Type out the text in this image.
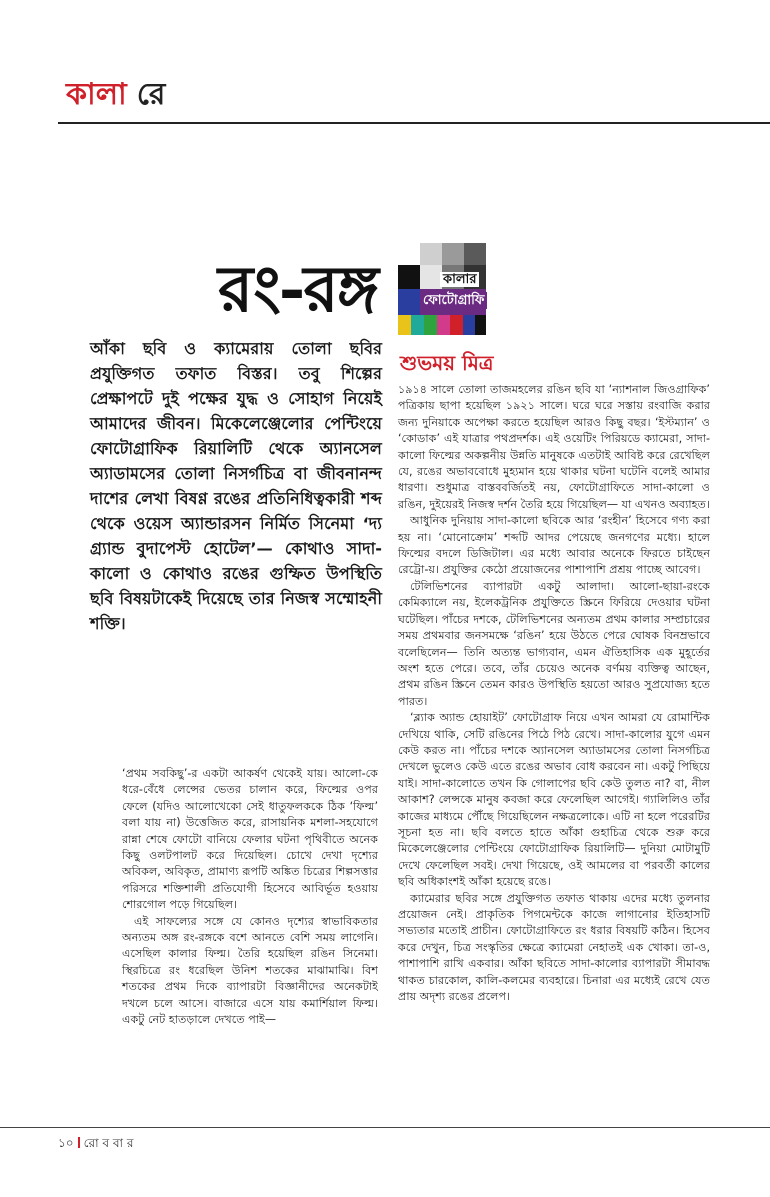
কালা রে
রং-রঙ্গ	কালার
ফোটোগ্রাফি
শুভময় মিত্র

আঁকা ছবি ও ক্যামেরায় তোলা ছবির প্রযুক্তিগত তফাত বিস্তর। তবু শিল্পের প্রেক্ষাপটে দুই পক্ষের যুদ্ধ ও সোহাগ নিয়েই আমাদের জীবন। মিকেলেঞ্জেলোর পেন্টিংয়ে ফোটোগ্রাফিক রিয়ালিটি থেকে অ্যানসেল অ্যাডামসের তোলা নিসর্গচিত্র বা জীবনানন্দ দাশের লেখা বিষণ্ণ রঙের প্রতিনিধিত্বকারী শব্দ থেকে ওয়েস অ্যান্ডারসন নির্মিত সিনেমা ‘দ্য গ্র্যান্ড বুদাপেস্ট হোটেল’— কোথাও সাদা-কালো ও কোথাও রঙের গুম্ফিত উপস্থিতি ছবি বিষয়টাকেই দিয়েছে তার নিজস্ব সম্মোহনী শক্তি।

‘প্রথম সবকিছু’-র একটা আকর্ষণ থেকেই যায়। আলো-কে ধরে-বেঁধে লেন্সের ভেতর চালান করে, ফিল্মের ওপর ফেলে (যদিও আলোখেকো সেই ধাতুফলককে ঠিক ‘ফিল্ম’ বলা যায় না) উত্তেজিত করে, রাসায়নিক মশলা-সহযোগে রান্না শেষে ফোটো বানিয়ে ফেলার ঘটনা পৃথিবীতে অনেক কিছু ওলটপালট করে দিয়েছিল। চোখে দেখা দৃশ্যের অবিকল, অবিকৃত, প্রামাণ্য রূপটি অঙ্কিত চিত্রের শিল্পসত্তার পরিসরে শক্তিশালী প্রতিযোগী হিসেবে আবির্ভূত হওয়ায় শোরগোল পড়ে গিয়েছিল।

এই সাফল্যের সঙ্গে যে কোনও দৃশ্যের স্বাভাবিকতার অন্যতম অঙ্গ রং-রঙ্গকে বশে আনতে বেশি সময় লাগেনি। এসেছিল কালার ফিল্ম। তৈরি হয়েছিল রঙিন সিনেমা। স্থিরচিত্রে রং ধরেছিল উনিশ শতকের মাঝামাঝি। বিশ শতকের প্রথম দিকে ব্যাপারটা বিজ্ঞানীদের অনেকটাই দখলে চলে আসে। বাজারে এসে যায় কমার্শিয়াল ফিল্ম। একটু নেট হাতড়ালে দেখতে পাই—

১৯১৪ সালে তোলা তাজমহলের রঙিন ছবি যা ‘ন্যাশনাল জিওগ্রাফিক’ পত্রিকায় ছাপা হয়েছিল ১৯২১ সালে। ঘরে ঘরে সস্তায় রংবাজি করার জন্য দুনিয়াকে অপেক্ষা করতে হয়েছিল আরও কিছু বছর। ‘ইস্টম্যান’ ও ‘কোডাক’ এই যাত্রার পথপ্রদর্শক। এই ওয়েটিং পিরিয়ডে ক্যামেরা, সাদা-কালো ফিল্মের অকল্পনীয় উন্নতি মানুষকে এতটাই আবিষ্ট করে রেখেছিল যে, রঙের অভাববোধে মুহ্যমান হয়ে থাকার ঘটনা ঘটেনি বলেই আমার ধারণা। শুধুমাত্র বাস্তববর্জিতই নয়, ফোটোগ্রাফিতে সাদা-কালো ও রঙিন, দুইয়েরই নিজস্ব দর্শন তৈরি হয়ে গিয়েছিল— যা এখনও অব্যাহত।

আধুনিক দুনিয়ায় সাদা-কালো ছবিকে আর ‘রংহীন’ হিসেবে গণ্য করা হয় না। ‘মোনোক্রোম’ শব্দটি আদর পেয়েছে জনগণের মধ্যে। হালে ফিল্মের বদলে ডিজিটাল। এর মধ্যে আবার অনেকে ফিরতে চাইছেন রেট্রো-য়। প্রযুক্তির কেঠো প্রয়োজনের পাশাপাশি প্রশ্রয় পাচ্ছে আবেগ।

টেলিভিশনের ব্যাপারটা একটু আলাদা। আলো-ছায়া-রংকে কেমিক্যালে নয়, ইলেকট্রনিক প্রযুক্তিতে স্ক্রিনে ফিরিয়ে দেওয়ার ঘটনা ঘটেছিল। পাঁচের দশকে, টেলিভিশনের অন্যতম প্রথম কালার সম্প্রচারের সময় প্রথমবার জনসমক্ষে ‘রঙিন’ হয়ে উঠতে পেরে ঘোষক বিনম্রভাবে বলেছিলেন— তিনি অত্যন্ত ভাগ্যবান, এমন ঐতিহাসিক এক মুহূর্তের অংশ হতে পেরে। তবে, তাঁর চেয়েও অনেক বর্ণময় ব্যক্তিত্ব আছেন, প্রথম রঙিন স্ক্রিনে তেমন কারও উপস্থিতি হয়তো আরও সুপ্রযোজ্য হতে পারত।

‘ব্ল্যাক অ্যান্ড হোয়াইট’ ফোটোগ্রাফ নিয়ে এখন আমরা যে রোমান্টিক দেখিয়ে থাকি, সেটি রঙিনের পিঠে পিঠ রেখে। সাদা-কালোর যুগে এমন কেউ করত না। পাঁচের দশকে অ্যানসেল অ্যাডামসের তোলা নিসর্গচিত্র দেখলে ভুলেও কেউ এতে রঙের অভাব বোধ করবেন না। একটু পিছিয়ে যাই। সাদা-কালোতে তখন কি গোলাপের ছবি কেউ তুলত না? বা, নীল আকাশ? লেন্সকে মানুষ কবজা করে ফেলেছিল আগেই। গ্যালিলিও তাঁর কাজের মাধ্যমে পৌঁছে গিয়েছিলেন নক্ষত্রলোকে। এটি না হলে পরেরটির সূচনা হত না। ছবি বলতে হাতে আঁকা গুহাচিত্র থেকে শুরু করে মিকেলেঞ্জেলোর পেন্টিংয়ে ফোটোগ্রাফিক রিয়ালিটি— দুনিয়া মোটামুটি দেখে ফেলেছিল সবই। দেখা গিয়েছে, ওই আমলের বা পরবর্তী কালের ছবি অধিকাংশই আঁকা হয়েছে রঙে।

ক্যামেরার ছবির সঙ্গে প্রযুক্তিগত তফাত থাকায় এদের মধ্যে তুলনার প্রয়োজন নেই। প্রাকৃতিক পিগমেন্টকে কাজে লাগানোর ইতিহাসটি সভ্যতার মতোই প্রাচীন। ফোটোগ্রাফিতে রং ধরার বিষয়টি কঠিন। হিসেব করে দেখুন, চিত্র সংস্কৃতির ক্ষেত্রে ক্যামেরা নেহাতই এক খোকা। তা-ও, পাশাপাশি রাখি একবার। আঁকা ছবিতে সাদা-কালোর ব্যাপারটা সীমাবদ্ধ থাকত চারকোল, কালি-কলমের ব্যবহারে। চিনারা এর মধ্যেই রেখে যেত প্রায় অদৃশ্য রঙের প্রলেপ।

১০ রো ব বা র
